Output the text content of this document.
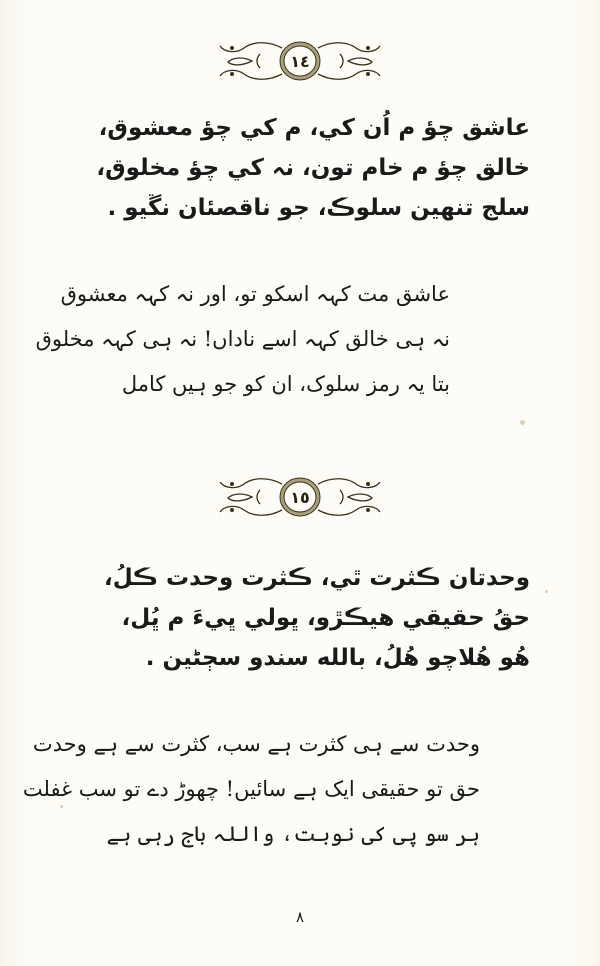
١٤
عاشق چؤ م اُن کي، م کي چؤ معشوق،
خالق چؤ م خام تون، نہ کي چؤ مخلوق،
سلج تنهين سلوڪ، جو ناقصئان نڱيو .
عاشق مت کہہ اسکو تو، اور نہ کہہ معشوق
نہ ہی خالق کہہ اسے ناداں! نہ ہی کہہ مخلوق
بتا یہ رمز سلوک، ان کو جو ہیں کامل
١٥
وحدتان ڪثرت ٿي، ڪثرت وحدت ڪلُ،
حقُ حقيقي هيڪڙو، ڀولي ڀيءَ م ڀُل،
هُو هُلاچو هُلُ، بالله سندو سڄڻين .
وحدت سے ہی کثرت ہے سب، کثرت سے ہے وحدت
حق تو حقیقی ایک ہے سائیں! چھوڑ دے تو سب غفلت
ہر سو پی کی نوبت، واللہ باج رہی ہے
٨
